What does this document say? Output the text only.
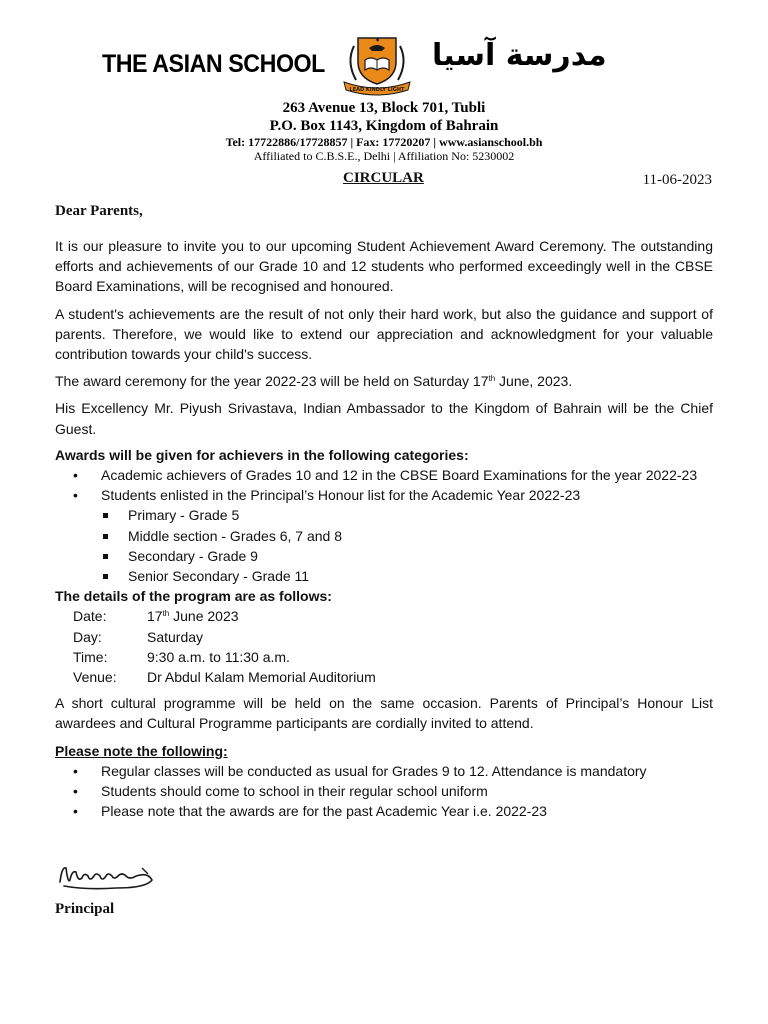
THE ASIAN SCHOOL
LEAD KINDLY LIGHT
مدرسة آسيا
263 Avenue 13, Block 701, Tubli
P.O. Box 1143, Kingdom of Bahrain
Tel: 17722886/17728857 | Fax: 17720207 | www.asianschool.bh
Affiliated to C.B.S.E., Delhi | Affiliation No: 5230002
CIRCULAR	11-06-2023
Dear Parents,

It is our pleasure to invite you to our upcoming Student Achievement Award Ceremony. The outstanding efforts and achievements of our Grade 10 and 12 students who performed exceedingly well in the CBSE Board Examinations, will be recognised and honoured.

A student's achievements are the result of not only their hard work, but also the guidance and support of parents. Therefore, we would like to extend our appreciation and acknowledgment for your valuable contribution towards your child's success.

The award ceremony for the year 2022-23 will be held on Saturday 17th June, 2023.

His Excellency Mr. Piyush Srivastava, Indian Ambassador to the Kingdom of Bahrain will be the Chief Guest.

Awards will be given for achievers in the following categories:
• Academic achievers of Grades 10 and 12 in the CBSE Board Examinations for the year 2022-23
• Students enlisted in the Principal’s Honour list for the Academic Year 2022-23
Primary - Grade 5
Middle section - Grades 6, 7 and 8
Secondary - Grade 9
Senior Secondary - Grade 11
The details of the program are as follows:
Date:	17th June 2023
Day:	Saturday
Time:	9:30 a.m. to 11:30 a.m.
Venue:	Dr Abdul Kalam Memorial Auditorium

A short cultural programme will be held on the same occasion. Parents of Principal’s Honour List awardees and Cultural Programme participants are cordially invited to attend.

Please note the following:
• Regular classes will be conducted as usual for Grades 9 to 12. Attendance is mandatory
• Students should come to school in their regular school uniform
• Please note that the awards are for the past Academic Year i.e. 2022-23
Principal
